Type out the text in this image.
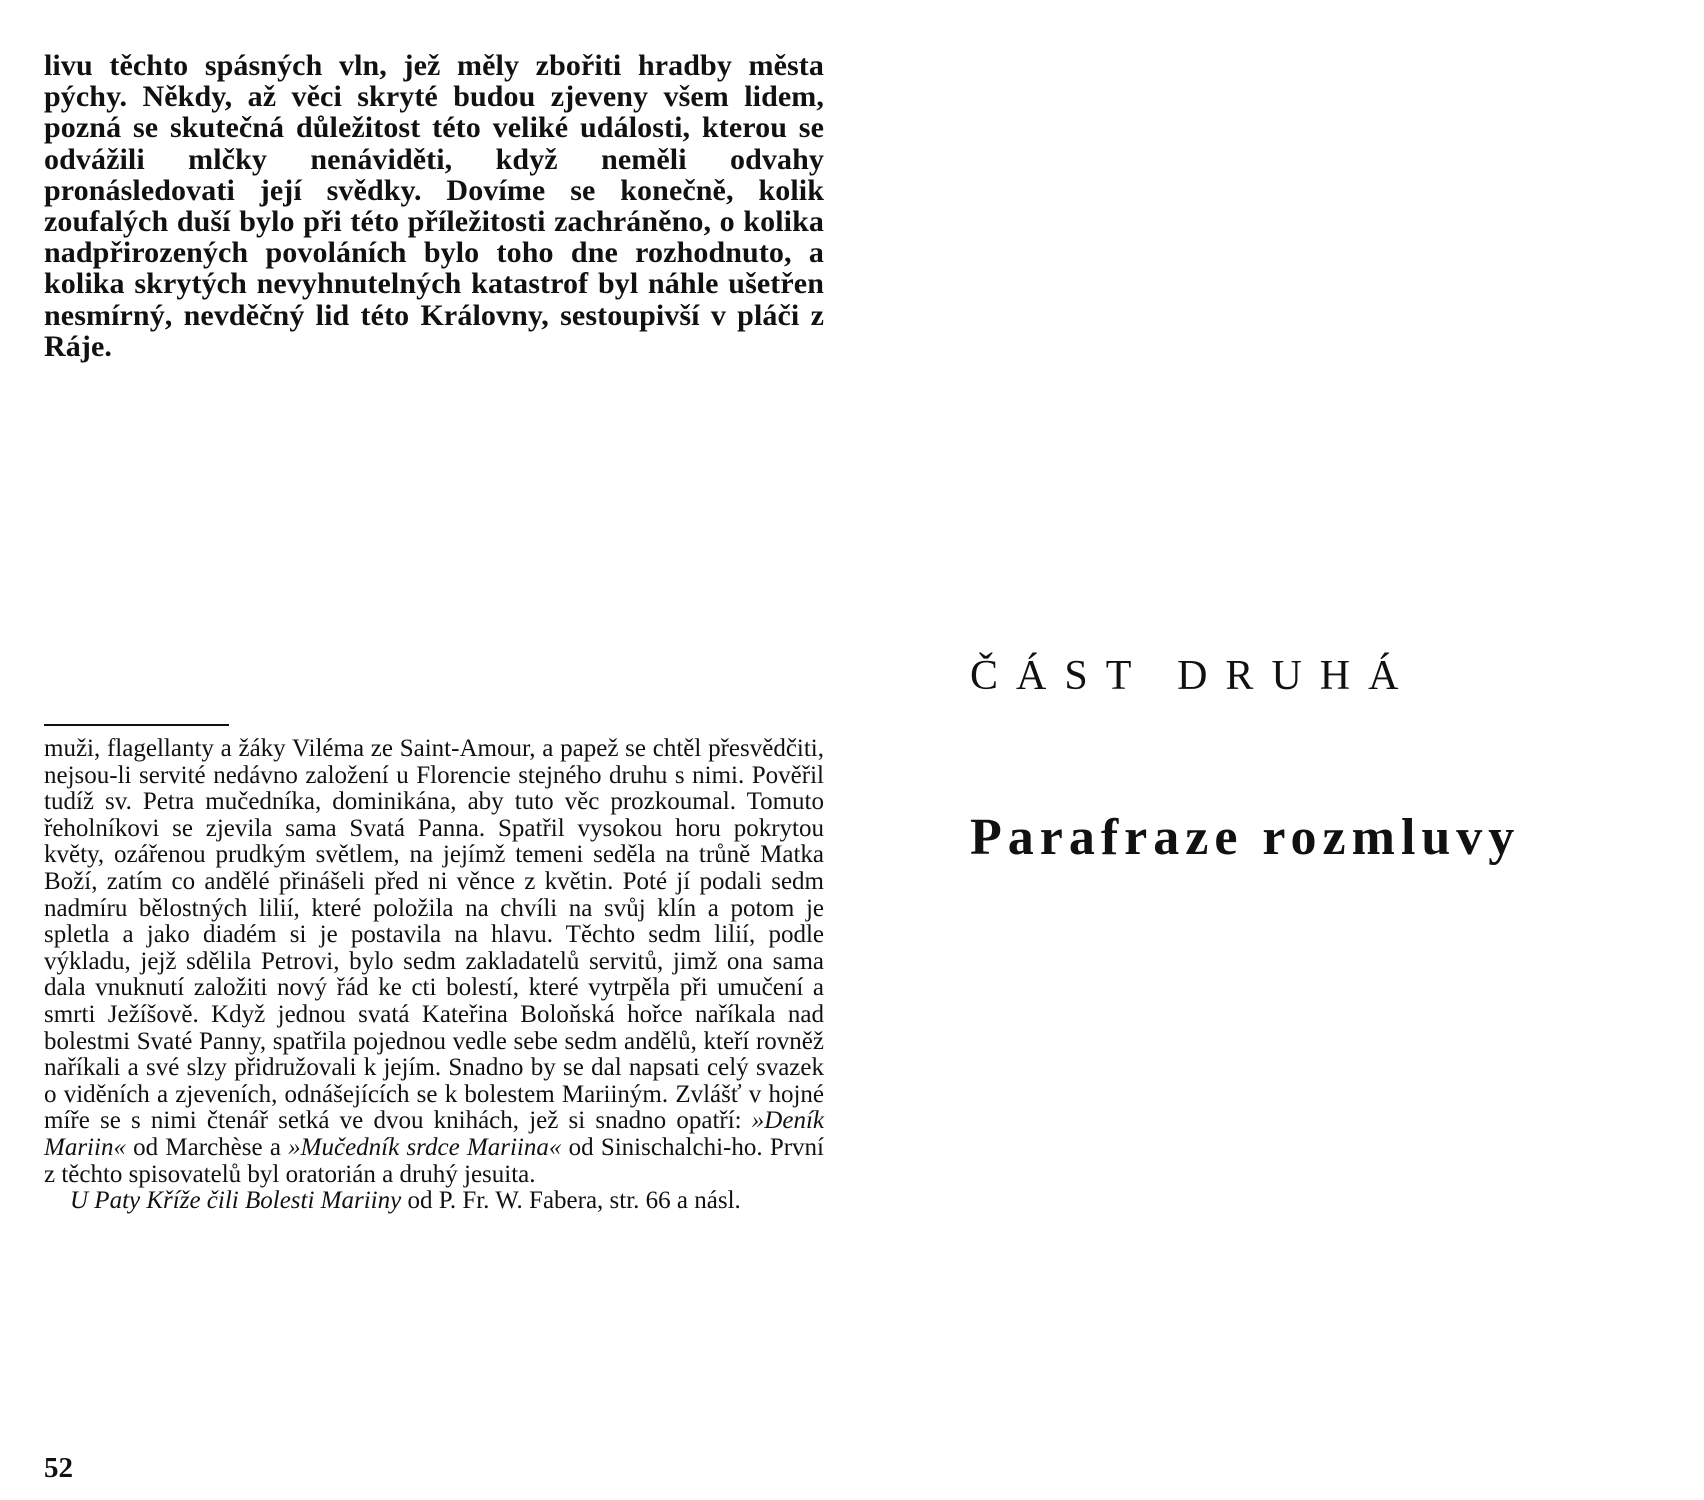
livu těchto spásných vln, jež měly zbořiti hradby města pýchy. Někdy, až věci skryté budou zjeveny všem lidem, pozná se skutečná důležitost této veliké události, kterou se odvážili mlčky nenáviděti, když neměli odvahy pronásledovati její svědky. Dovíme se konečně, kolik zoufalých duší bylo při této příležitosti zachráněno, o kolika nadpřirozených povoláních bylo toho dne rozhodnuto, a kolika skrytých nevyhnutelných katastrof byl náhle ušetřen nesmírný, nevděčný lid této Královny, sestoupivší v pláči z Ráje.

muži, flagellanty a žáky Viléma ze Saint-Amour, a papež se chtěl přesvědčiti, nejsou-li servité nedávno založení u Florencie stejného druhu s nimi. Pověřil tudíž sv. Petra mučedníka, dominikána, aby tuto věc prozkoumal. Tomuto řeholníkovi se zjevila sama Svatá Panna. Spatřil vysokou horu pokrytou květy, ozářenou prudkým světlem, na jejímž temeni seděla na trůně Matka Boží, zatím co andělé přinášeli před ni věnce z květin. Poté jí podali sedm nadmíru bělostných lilií, které položila na chvíli na svůj klín a potom je spletla a jako diadém si je postavila na hlavu. Těchto sedm lilií, podle výkladu, jejž sdělila Petrovi, bylo sedm zakladatelů servitů, jimž ona sama dala vnuknutí založiti nový řád ke cti bolestí, které vytrpěla při umučení a smrti Ježíšově. Když jednou svatá Kateřina Boloňská hořce naříkala nad bolestmi Svaté Panny, spatřila pojednou vedle sebe sedm andělů, kteří rovněž naříkali a své slzy přidružovali k jejím. Snadno by se dal napsati celý svazek o viděních a zjeveních, odnášejících se k bolestem Mariiným. Zvlášť v hojné míře se s nimi čtenář setká ve dvou knihách, jež si snadno opatří: »Deník Mariin« od Marchèse a »Mučedník srdce Mariina« od Sinischalchi-ho. První z těchto spisovatelů byl oratorián a druhý jesuita.

U Paty Kříže čili Bolesti Mariiny od P. Fr. W. Fabera, str. 66 a násl.

52
ČÁST DRUHÁ
Parafraze rozmluvy
